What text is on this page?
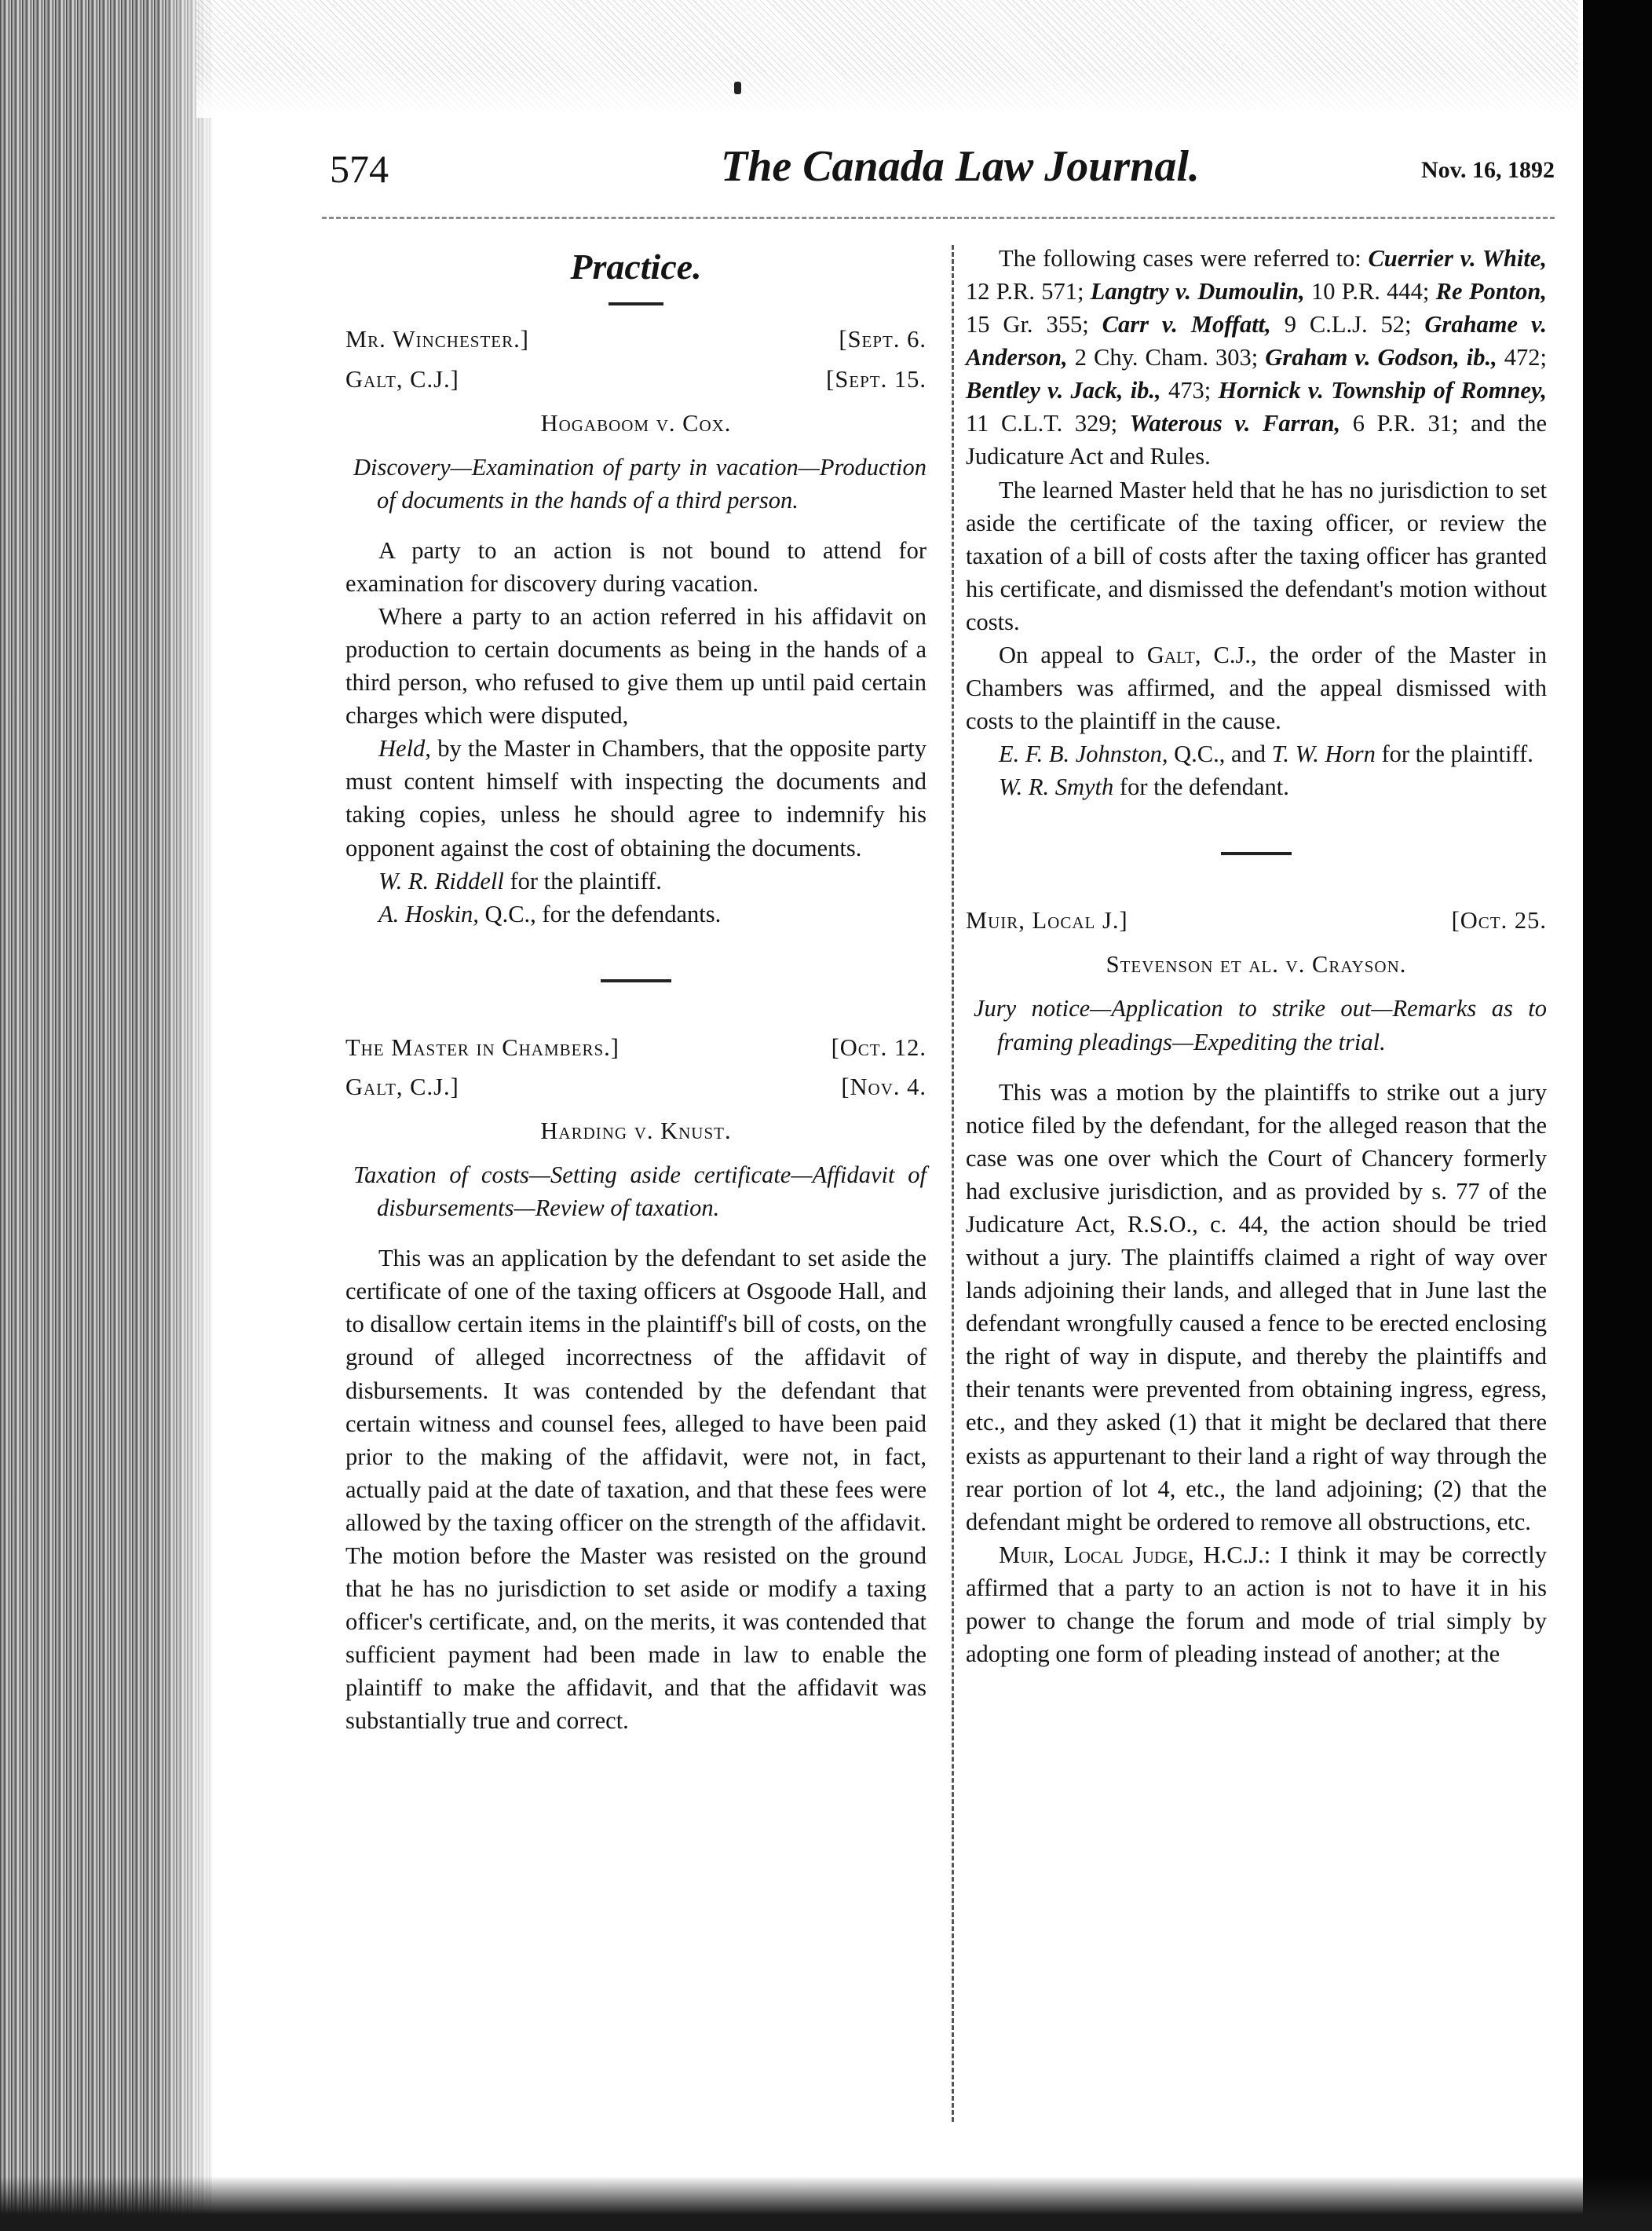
574	The Canada Law Journal.	Nov. 16, 1892
Practice.
Mr. Winchester.]	[Sept. 6.
Galt, C.J.]	[Sept. 15.
Hogaboom v. Cox.
Discovery—Examination of party in vacation—Production of documents in the hands of a third person.

A party to an action is not bound to attend for examination for discovery during vacation.

Where a party to an action referred in his affidavit on production to certain documents as being in the hands of a third person, who refused to give them up until paid certain charges which were disputed,

Held, by the Master in Chambers, that the opposite party must content himself with inspecting the documents and taking copies, unless he should agree to indemnify his opponent against the cost of obtaining the documents.

W. R. Riddell for the plaintiff.

A. Hoskin, Q.C., for the defendants.

The Master in Chambers.]	[Oct. 12.
Galt, C.J.]	[Nov. 4.
Harding v. Knust.
Taxation of costs—Setting aside certificate—Affidavit of disbursements—Review of taxation.

This was an application by the defendant to set aside the certificate of one of the taxing officers at Osgoode Hall, and to disallow certain items in the plaintiff's bill of costs, on the ground of alleged incorrectness of the affidavit of disbursements. It was contended by the defendant that certain witness and counsel fees, alleged to have been paid prior to the making of the affidavit, were not, in fact, actually paid at the date of taxation, and that these fees were allowed by the taxing officer on the strength of the affidavit. The motion before the Master was resisted on the ground that he has no jurisdiction to set aside or modify a taxing officer's certificate, and, on the merits, it was contended that sufficient payment had been made in law to enable the plaintiff to make the affidavit, and that the affidavit was substantially true and correct.

The following cases were referred to: Cuerrier v. White, 12 P.R. 571; Langtry v. Dumoulin, 10 P.R. 444; Re Ponton, 15 Gr. 355; Carr v. Moffatt, 9 C.L.J. 52; Grahame v. Anderson, 2 Chy. Cham. 303; Graham v. Godson, ib., 472; Bentley v. Jack, ib., 473; Hornick v. Township of Romney, 11 C.L.T. 329; Waterous v. Farran, 6 P.R. 31; and the Judicature Act and Rules.

The learned Master held that he has no jurisdiction to set aside the certificate of the taxing officer, or review the taxation of a bill of costs after the taxing officer has granted his certificate, and dismissed the defendant's motion without costs.

On appeal to Galt, C.J., the order of the Master in Chambers was affirmed, and the appeal dismissed with costs to the plaintiff in the cause.

E. F. B. Johnston, Q.C., and T. W. Horn for the plaintiff.

W. R. Smyth for the defendant.

Muir, Local J.]	[Oct. 25.
Stevenson et al. v. Crayson.
Jury notice—Application to strike out—Remarks as to framing pleadings—Expediting the trial.

This was a motion by the plaintiffs to strike out a jury notice filed by the defendant, for the alleged reason that the case was one over which the Court of Chancery formerly had exclusive jurisdiction, and as provided by s. 77 of the Judicature Act, R.S.O., c. 44, the action should be tried without a jury. The plaintiffs claimed a right of way over lands adjoining their lands, and alleged that in June last the defendant wrongfully caused a fence to be erected enclosing the right of way in dispute, and thereby the plaintiffs and their tenants were prevented from obtaining ingress, egress, etc., and they asked (1) that it might be declared that there exists as appurtenant to their land a right of way through the rear portion of lot 4, etc., the land adjoining; (2) that the defendant might be ordered to remove all obstructions, etc.

Muir, Local Judge, H.C.J.: I think it may be correctly affirmed that a party to an action is not to have it in his power to change the forum and mode of trial simply by adopting one form of pleading instead of another; at the
